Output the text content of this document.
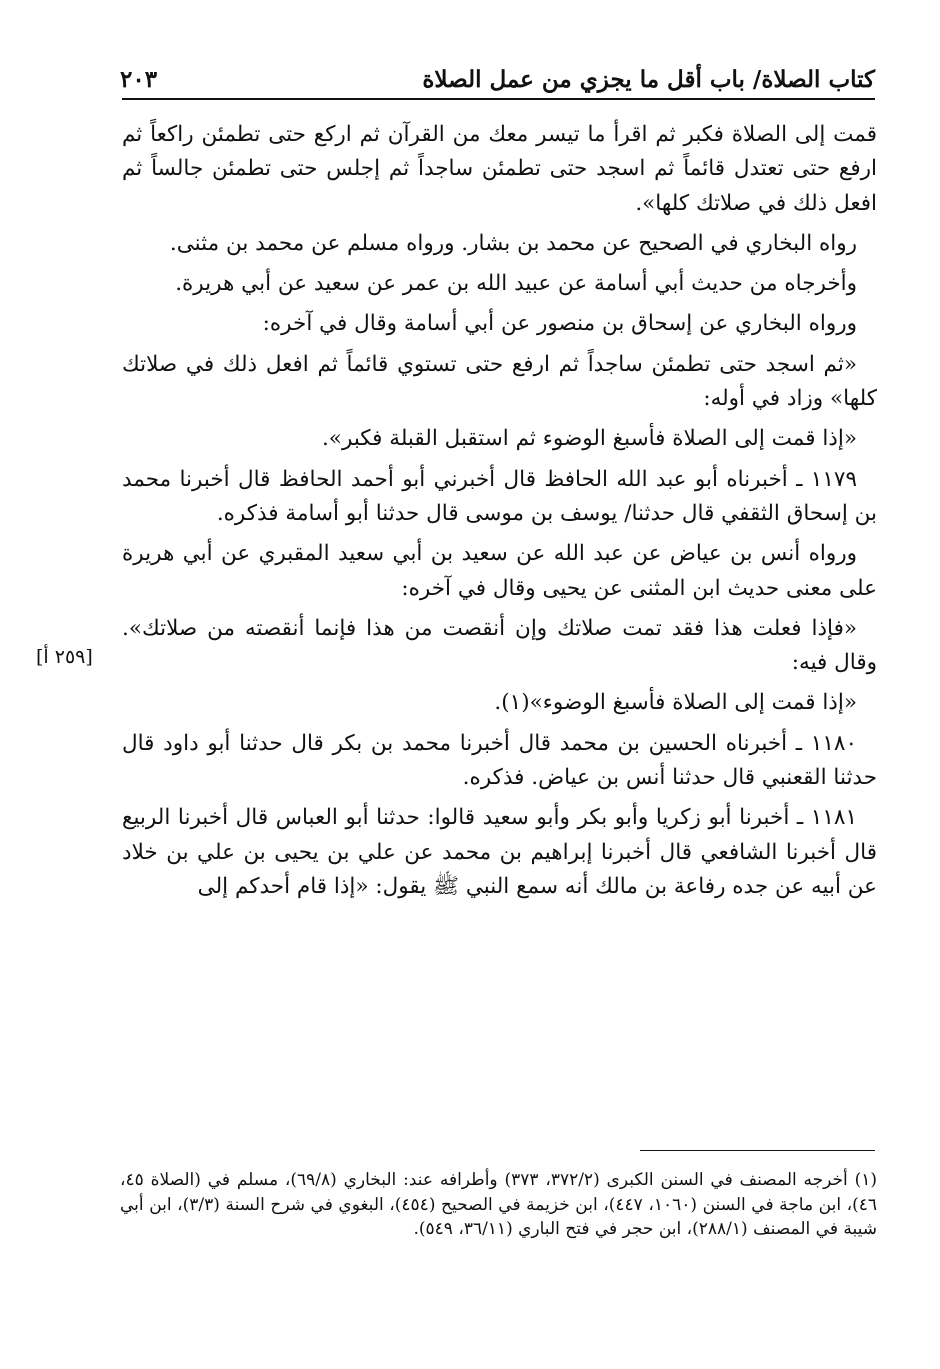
كتاب الصلاة/ باب أقل ما يجزي من عمل الصلاة
٢٠٣

قمت إلى الصلاة فكبر ثم اقرأ ما تيسر معك من القرآن ثم اركع حتى تطمئن راكعاً ثم ارفع حتى تعتدل قائماً ثم اسجد حتى تطمئن ساجداً ثم إجلس حتى تطمئن جالساً ثم افعل ذلك في صلاتك كلها».

رواه البخاري في الصحيح عن محمد بن بشار. ورواه مسلم عن محمد بن مثنى.

وأخرجاه من حديث أبي أسامة عن عبيد الله بن عمر عن سعيد عن أبي هريرة.

ورواه البخاري عن إسحاق بن منصور عن أبي أسامة وقال في آخره:

«ثم اسجد حتى تطمئن ساجداً ثم ارفع حتى تستوي قائماً ثم افعل ذلك في صلاتك كلها» وزاد في أوله:

«إذا قمت إلى الصلاة فأسبغ الوضوء ثم استقبل القبلة فكبر».

١١٧٩ ـ أخبرناه أبو عبد الله الحافظ قال أخبرني أبو أحمد الحافظ قال أخبرنا محمد بن إسحاق الثقفي قال حدثنا/ يوسف بن موسى قال حدثنا أبو أسامة فذكره.

ورواه أنس بن عياض عن عبد الله عن سعيد بن أبي سعيد المقبري عن أبي هريرة على معنى حديث ابن المثنى عن يحيى وقال في آخره:

«فإذا فعلت هذا فقد تمت صلاتك وإن أنقصت من هذا فإنما أنقصته من صلاتك». وقال فيه:

«إذا قمت إلى الصلاة فأسبغ الوضوء»(١).

١١٨٠ ـ أخبرناه الحسين بن محمد قال أخبرنا محمد بن بكر قال حدثنا أبو داود قال حدثنا القعنبي قال حدثنا أنس بن عياض. فذكره.

١١٨١ ـ أخبرنا أبو زكريا وأبو بكر وأبو سعيد قالوا: حدثنا أبو العباس قال أخبرنا الربيع قال أخبرنا الشافعي قال أخبرنا إبراهيم بن محمد عن علي بن يحيى بن علي بن خلاد عن أبيه عن جده رفاعة بن مالك أنه سمع النبي ﷺ يقول: «إذا قام أحدكم إلى

[٢٥٩ أ]

(١) أخرجه المصنف في السنن الكبرى (٣٧٢/٢، ٣٧٣) وأطرافه عند: البخاري (٦٩/٨)، مسلم في (الصلاة ٤٥، ٤٦)، ابن ماجة في السنن (١٠٦٠، ٤٤٧)، ابن خزيمة في الصحيح (٤٥٤)، البغوي في شرح السنة (٣/٣)، ابن أبي شيبة في المصنف (٢٨٨/١)، ابن حجر في فتح الباري (٣٦/١١، ٥٤٩).
